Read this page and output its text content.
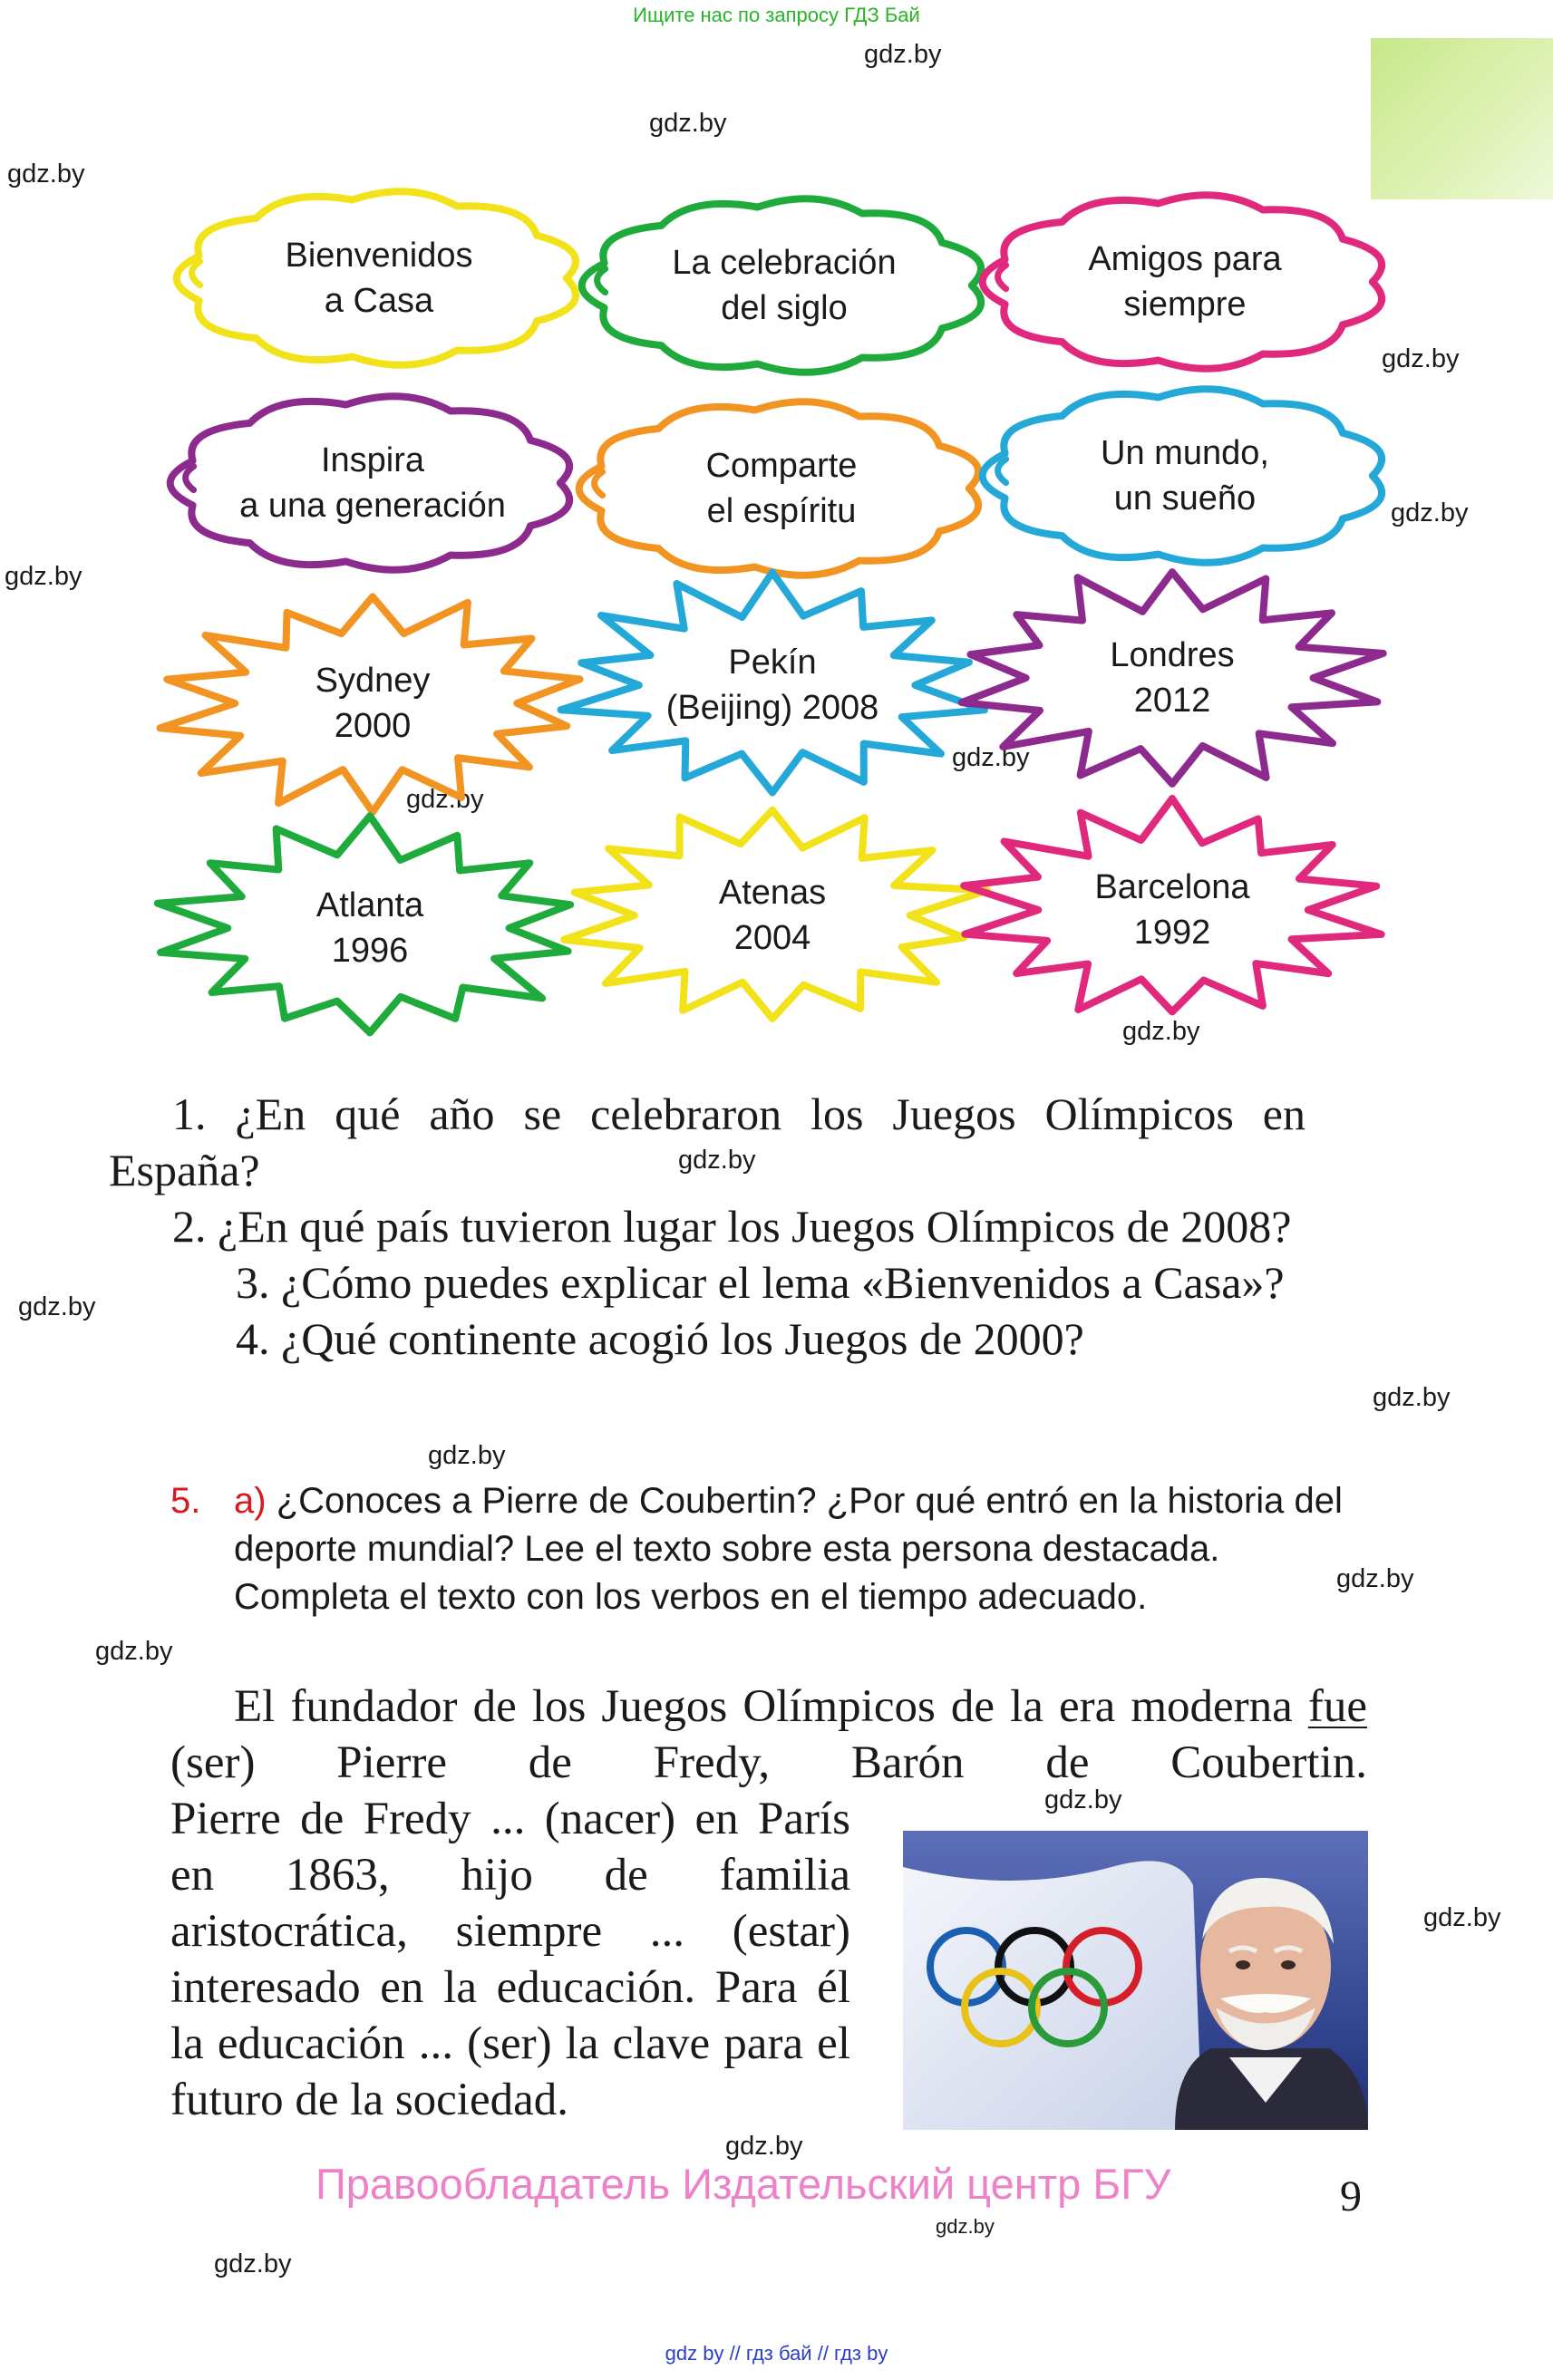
Ищите нас по запросу ГДЗ Бай
gdz.by
gdz.by
gdz.by
gdz.by
gdz.by
gdz.by
gdz.by
gdz.by
gdz.by
gdz.by
gdz.by
gdz.by
gdz.by
gdz.by
gdz.by
gdz.by
gdz.by
gdz.by
gdz.by
gdz.by
Bienvenidos
a Casa
La celebración
del siglo
Amigos para
siempre
Inspira
a una generación
Comparte
el espíritu
Un mundo,
un sueño
Sydney
2000
Pekín
(Beijing) 2008
Londres
2012
Atlanta
1996
Atenas
2004
Barcelona
1992
1. ¿En qué año se celebraron los Juegos Olímpicos en España?
2. ¿En qué país tuvieron lugar los Juegos Olímpicos de 2008?
3. ¿Cómo puedes explicar el lema «Bienvenidos a Casa»?
4. ¿Qué continente acogió los Juegos de 2000?
5. a) ¿Conoces a Pierre de Coubertin? ¿Por qué entró en la historia del deporte mundial? Lee el texto sobre esta persona destacada. Completa el texto con los verbos en el tiempo adecuado.
El fundador de los Juegos Olímpicos de la era moderna fue (ser) Pierre de Fredy, Barón de Coubertin.
Pierre de Fredy ... (nacer) en París en 1863, hijo de familia aristocrática, siempre ... (estar) interesado en la educación. Para él la educación ... (ser) la clave para el futuro de la sociedad.
Правообладатель Издательский центр БГУ	9
gdz by // гдз бай // гдз by
